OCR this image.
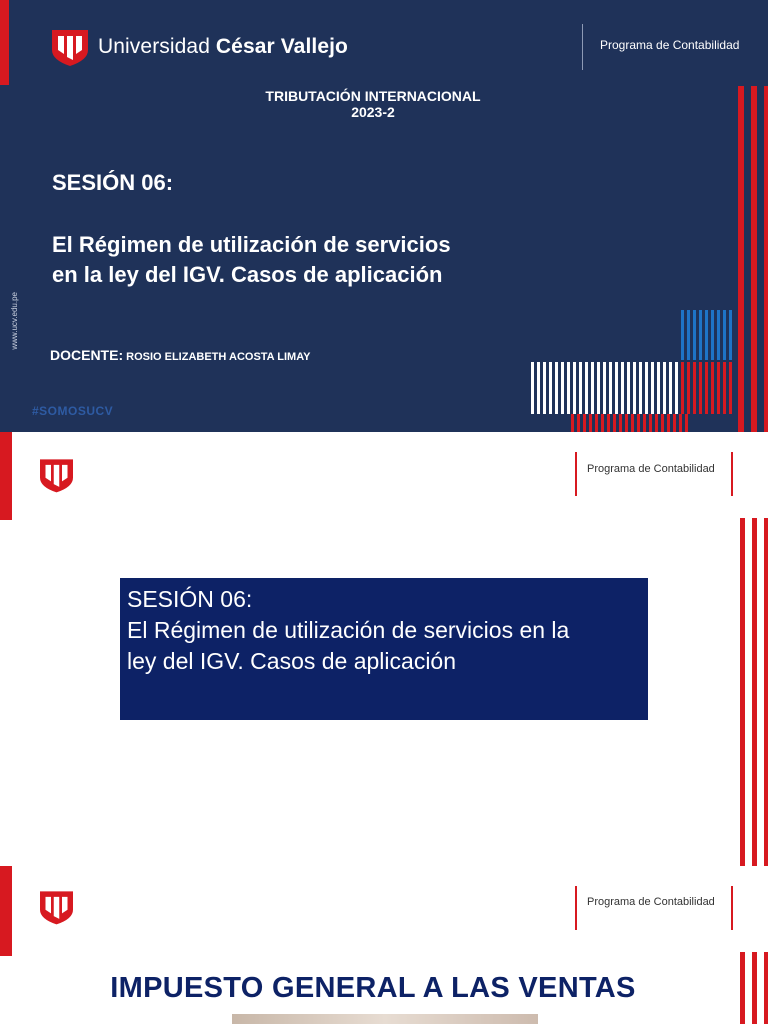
Universidad César Vallejo	Programa de Contabilidad
TRIBUTACIÓN INTERNACIONAL
2023-2
SESIÓN 06:
El Régimen de utilización de servicios
en la ley del IGV. Casos de aplicación
DOCENTE: ROSIO ELIZABETH ACOSTA LIMAY
www.ucv.edu.pe
#SOMOSUCV
Programa de Contabilidad
SESIÓN 06:
El Régimen de utilización de servicios en la
ley del IGV. Casos de aplicación
Programa de Contabilidad
IMPUESTO GENERAL A LAS VENTAS
